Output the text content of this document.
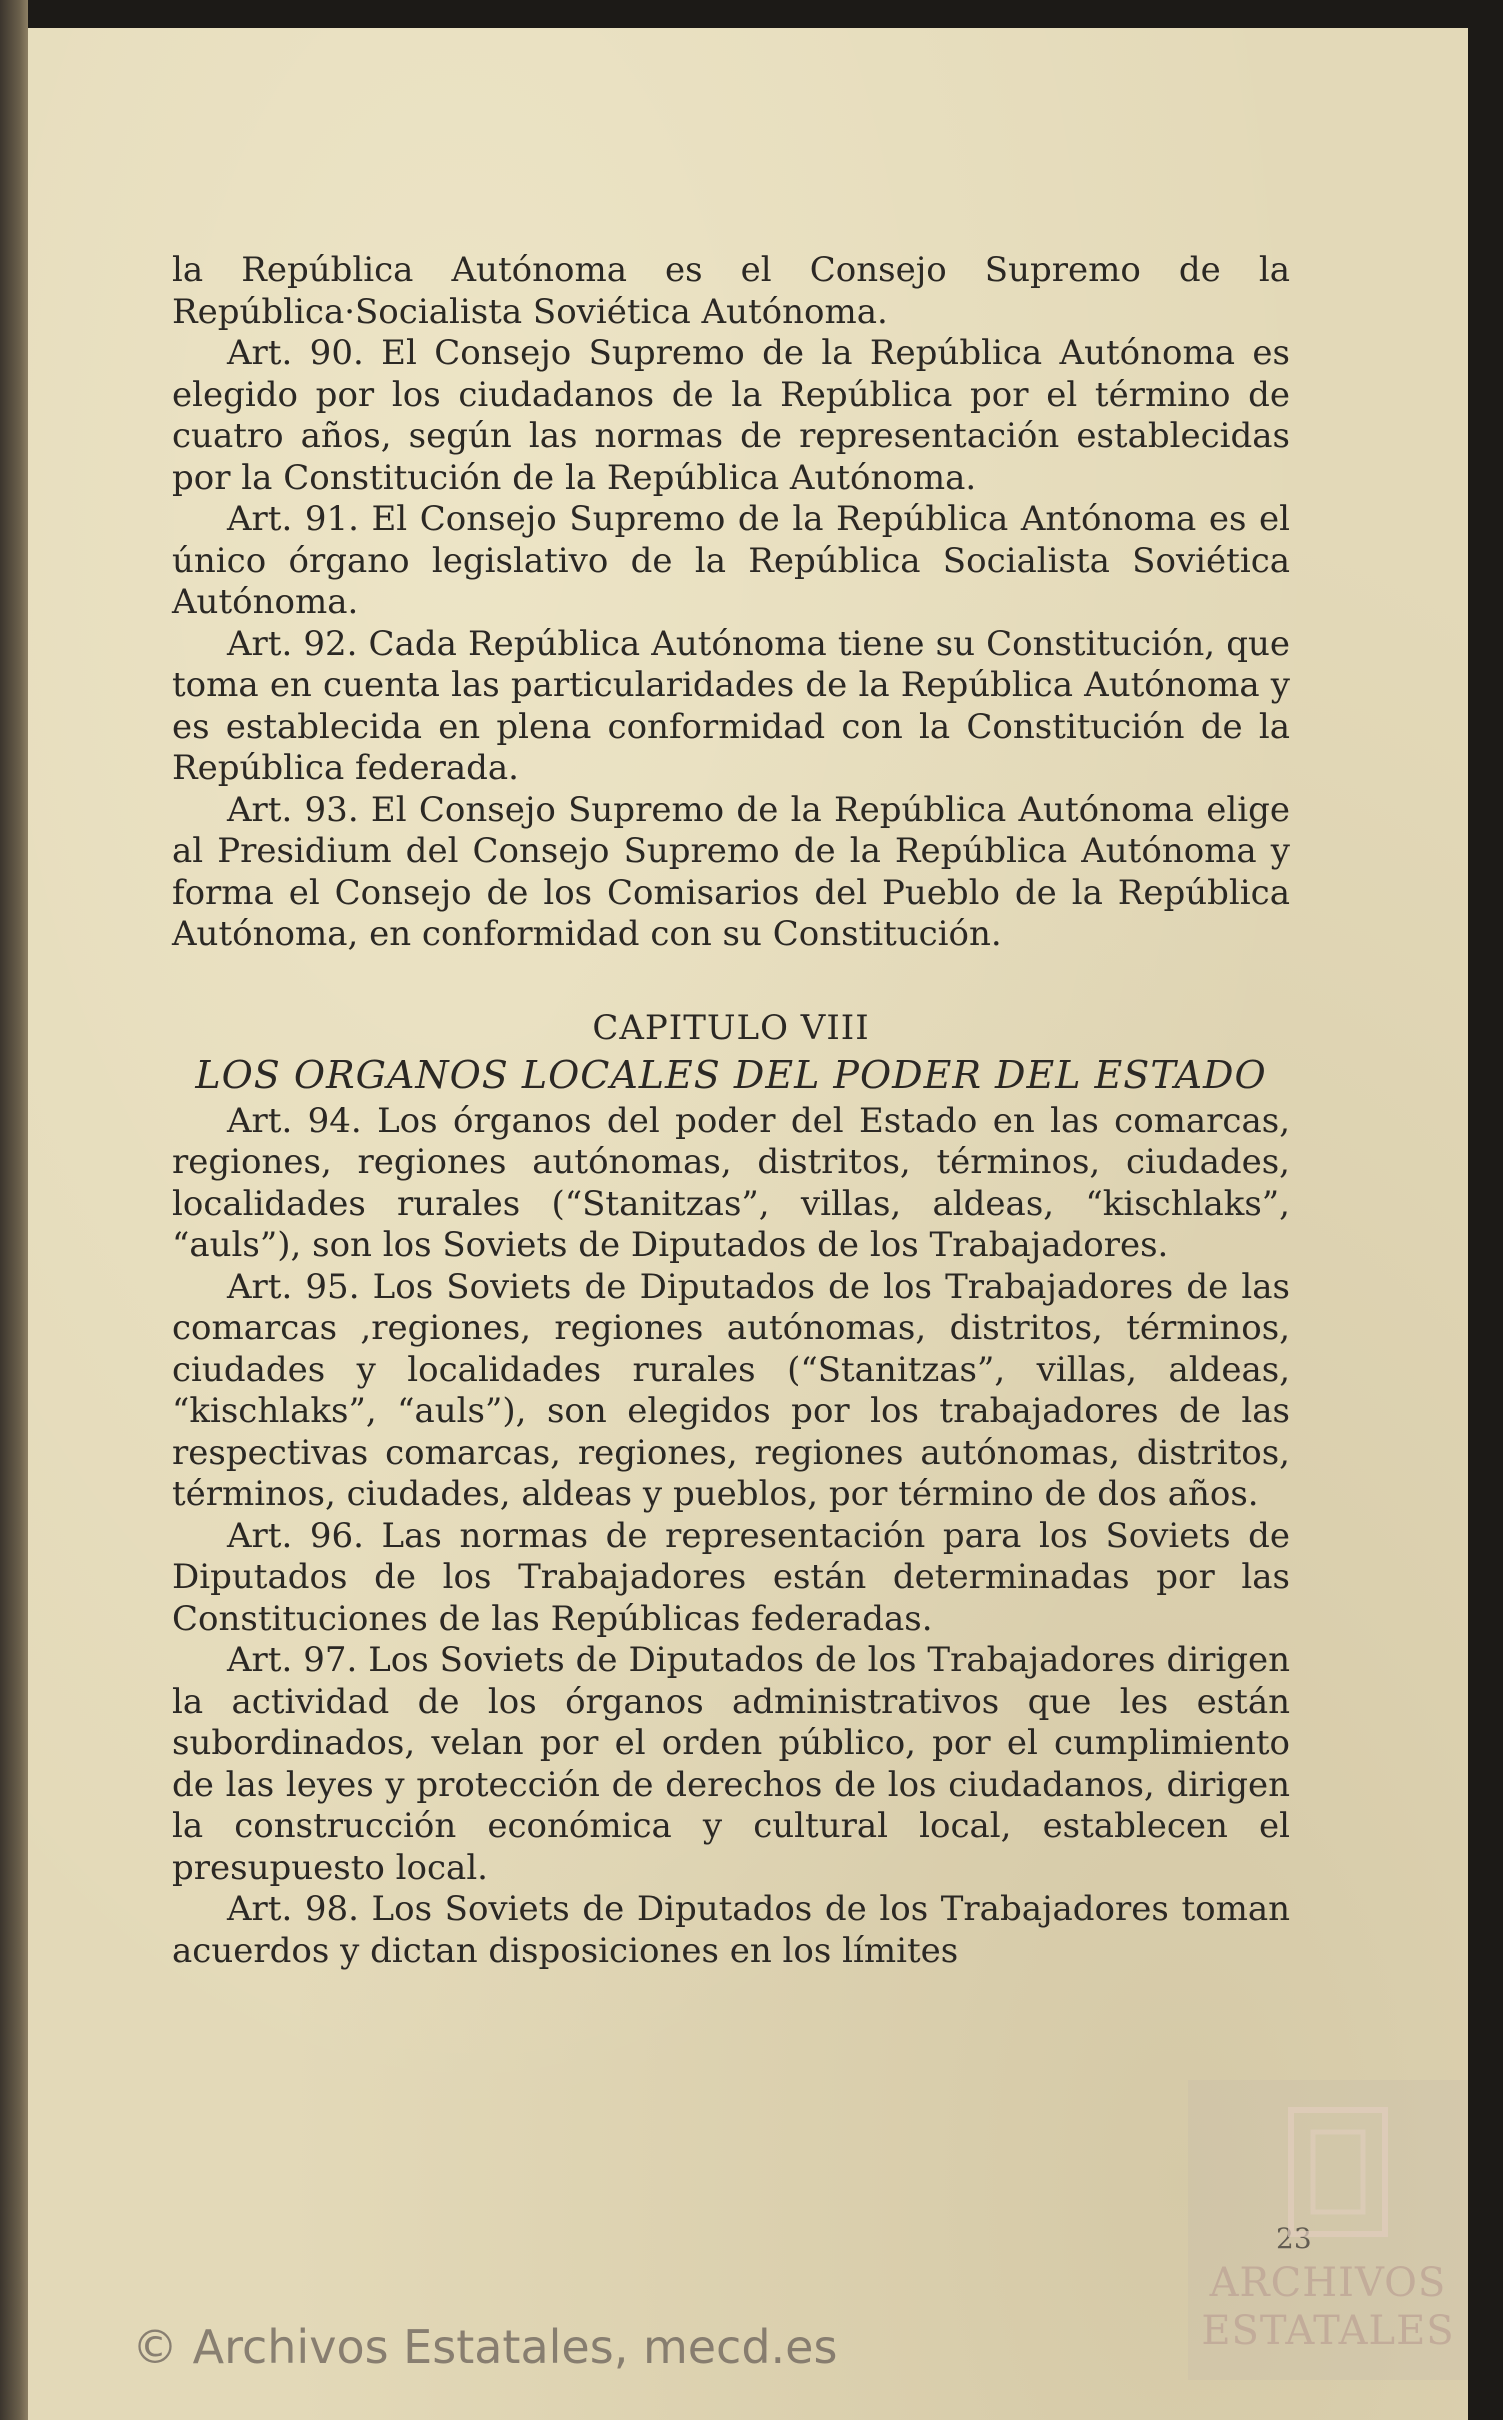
la República Autónoma es el Consejo Supremo de la República·Socialista Soviética Autónoma.

Art. 90. El Consejo Supremo de la República Autónoma es elegido por los ciudadanos de la República por el término de cuatro años, según las normas de representación establecidas por la Constitución de la República Autónoma.

Art. 91. El Consejo Supremo de la República Antónoma es el único órgano legislativo de la República Socialista Soviética Autónoma.

Art. 92. Cada República Autónoma tiene su Constitución, que toma en cuenta las particularidades de la República Autónoma y es establecida en plena conformidad con la Constitución de la República federada.

Art. 93. El Consejo Supremo de la República Autónoma elige al Presidium del Consejo Supremo de la República Autónoma y forma el Consejo de los Comisarios del Pueblo de la República Autónoma, en conformidad con su Constitución.

CAPITULO VIII
LOS ORGANOS LOCALES DEL PODER DEL ESTADO

Art. 94. Los órganos del poder del Estado en las comarcas, regiones, regiones autónomas, distritos, términos, ciudades, localidades rurales (“Stanitzas”, villas, aldeas, “kischlaks”, “auls”), son los Soviets de Diputados de los Trabajadores.

Art. 95. Los Soviets de Diputados de los Trabajadores de las comarcas ,regiones, regiones autónomas, distritos, términos, ciudades y localidades rurales (“Stanitzas”, villas, aldeas, “kischlaks”, “auls”), son elegidos por los trabajadores de las respectivas comarcas, regiones, regiones autónomas, distritos, términos, ciudades, aldeas y pueblos, por término de dos años.

Art. 96. Las normas de representación para los Soviets de Diputados de los Trabajadores están determinadas por las Constituciones de las Repúblicas federadas.

Art. 97. Los Soviets de Diputados de los Trabajadores dirigen la actividad de los órganos administrativos que les están subordinados, velan por el orden público, por el cumplimiento de las leyes y protección de derechos de los ciudadanos, dirigen la construcción económica y cultural local, establecen el presupuesto local.

Art. 98. Los Soviets de Diputados de los Trabajadores toman acuerdos y dictan disposiciones en los límites

23
ARCHIVOS
ESTATALES
© Archivos Estatales, mecd.es
